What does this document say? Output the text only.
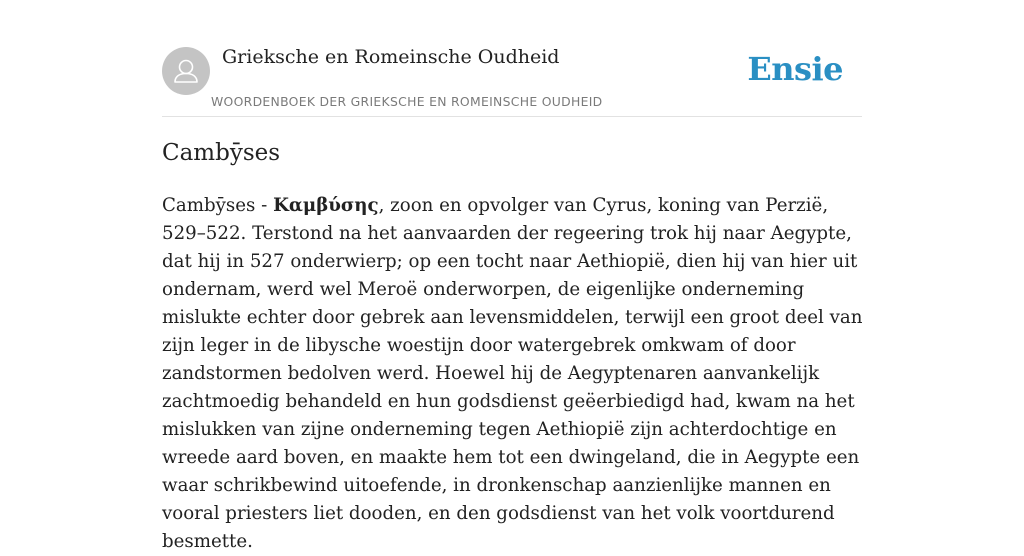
Grieksche en Romeinsche Oudheid
WOORDENBOEK DER GRIEKSCHE EN ROMEINSCHE OUDHEID
Ensie
Cambȳses

Cambȳses - Καμβύσης, zoon en opvolger van Cyrus, koning van Perzië, 529–522. Terstond na het aanvaarden der regeering trok hij naar Aegypte, dat hij in 527 onderwierp; op een tocht naar Aethiopië, dien hij van hier uit ondernam, werd wel Meroë onderworpen, de eigenlijke onderneming mislukte echter door gebrek aan levensmiddelen, terwijl een groot deel van zijn leger in de libysche woestijn door watergebrek omkwam of door zandstormen bedolven werd. Hoewel hij de Aegyptenaren aanvankelijk zachtmoedig behandeld en hun godsdienst geëerbiedigd had, kwam na het mislukken van zijne onderneming tegen Aethiopië zijn achterdochtige en wreede aard boven, en maakte hem tot een dwingeland, die in Aegypte een waar schrikbewind uitoefende, in dronkenschap aanzienlijke mannen en vooral priesters liet dooden, en den godsdienst van het volk voortdurend besmette.
